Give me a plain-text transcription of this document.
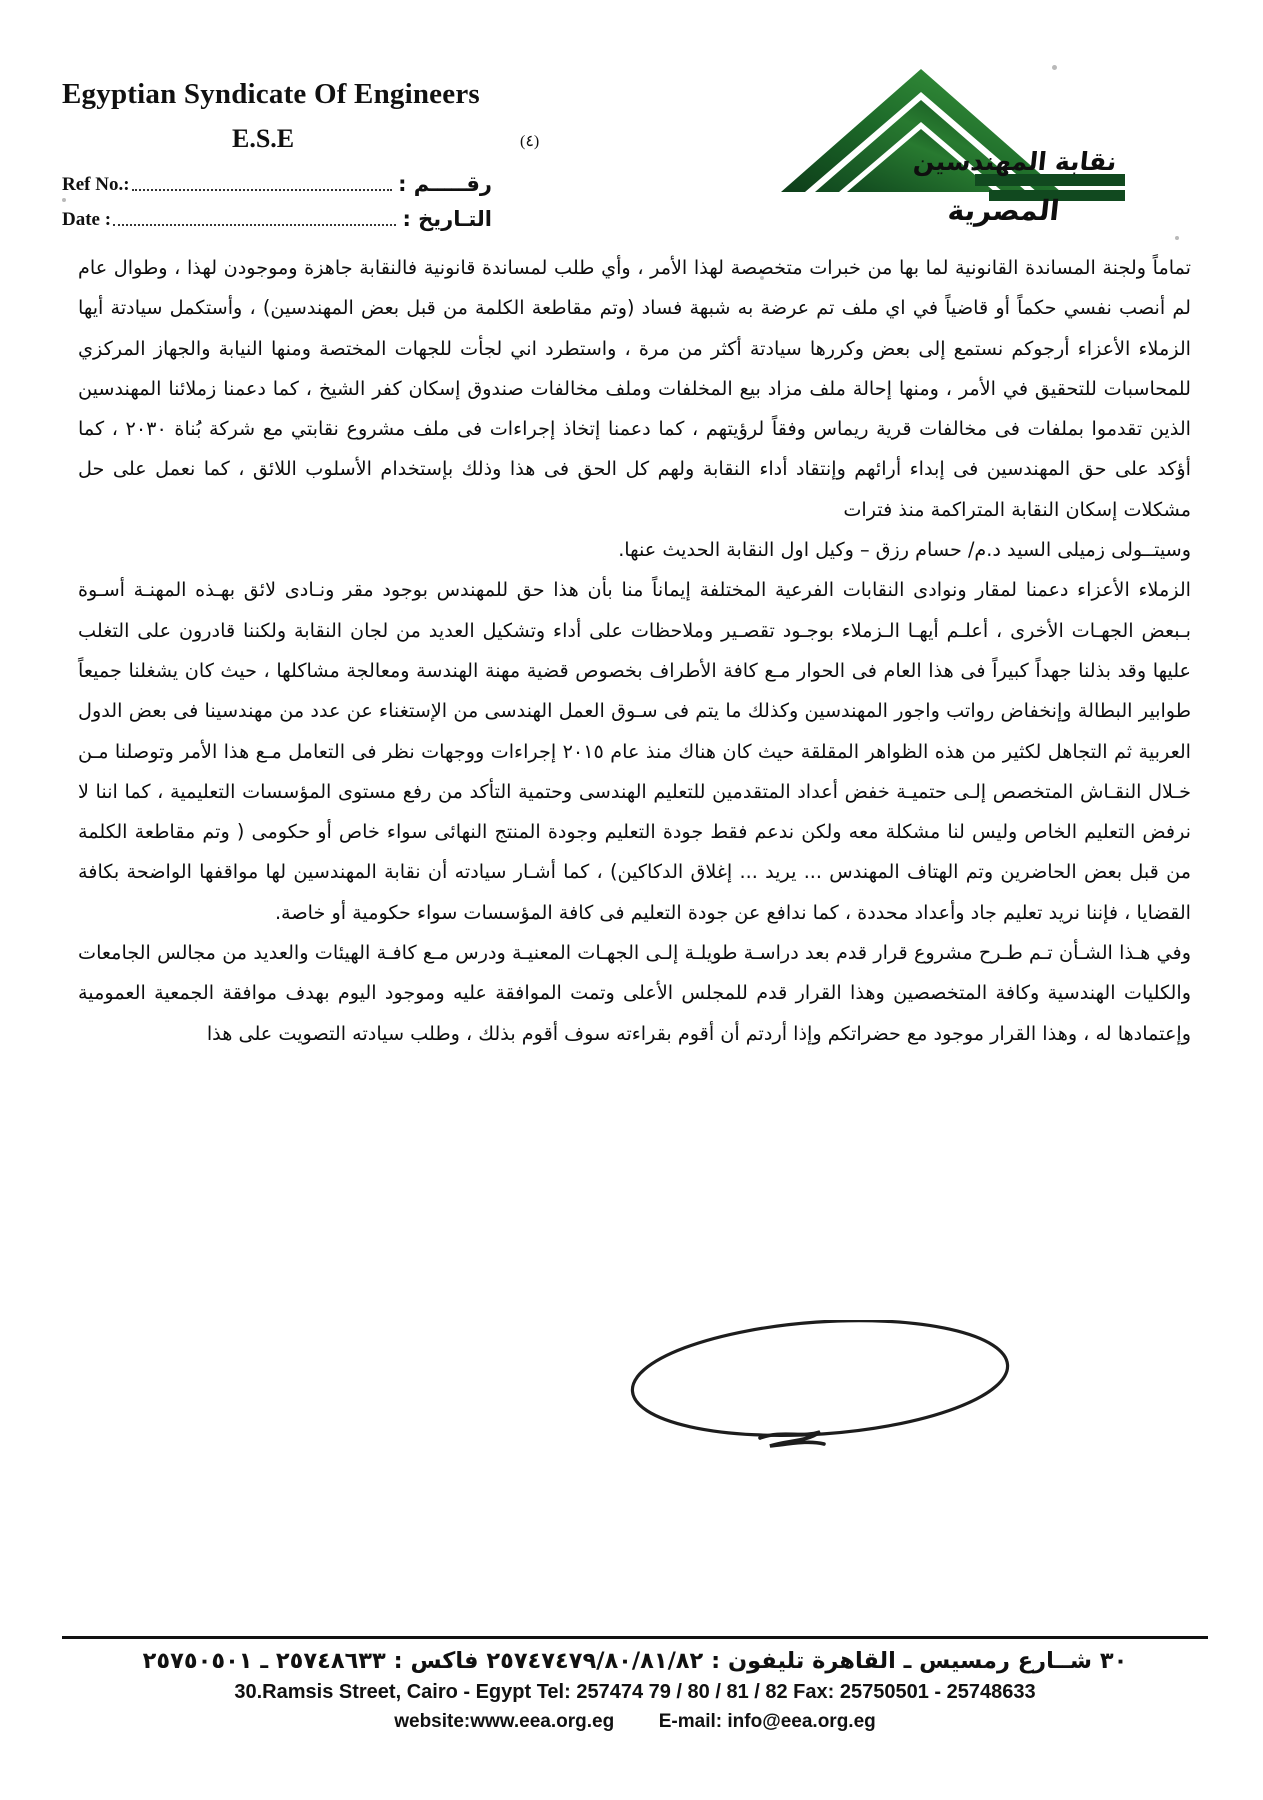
Egyptian Syndicate Of Engineers
E.S.E	(٤)
Ref No.:	رقـــــم :
Date :	التـاريخ :
نقابة المهندسين
المصرية

تماماً ولجنة المساندة القانونية لما بها من خبرات متخصصة لهذا الأمر ، وأي طلب لمساندة قانونية فالنقابة جاهزة وموجودن لهذا ، وطوال عام لم أنصب نفسي حكماً أو قاضياً في اي ملف تم عرضة به شبهة فساد (وتم مقاطعة الكلمة من قبل بعض المهندسين) ، وأستكمل سيادتة أيها الزملاء الأعزاء أرجوكم نستمع إلى بعض وكررها سيادتة أكثر من مرة ، واستطرد اني لجأت للجهات المختصة ومنها النيابة والجهاز المركزي للمحاسبات للتحقيق في الأمر ، ومنها إحالة ملف مزاد بيع المخلفات وملف مخالفات صندوق إسكان كفر الشيخ ، كما دعمنا زملائنا المهندسين الذين تقدموا بملفات فى مخالفات قرية ريماس وفقاً لرؤيتهم ، كما دعمنا إتخاذ إجراءات فى ملف مشروع نقابتي مع شركة بُناة ٢٠٣٠ ، كما أؤكد على حق المهندسين فى إبداء أرائهم وإنتقاد أداء النقابة ولهم كل الحق فى هذا وذلك بإستخدام الأسلوب اللائق ، كما نعمل على حل مشكلات إسكان النقابة المتراكمة منذ فترات

وسيتــولى زميلى السيد د.م/ حسام رزق – وكيل اول النقابة الحديث عنها.

الزملاء الأعزاء دعمنا لمقار ونوادى النقابات الفرعية المختلفة إيماناً منا بأن هذا حق للمهندس بوجود مقر ونـادى لائق بهـذه المهنـة أسـوة بـبعض الجهـات الأخرى ، أعلـم أيهـا الـزملاء بوجـود تقصـير وملاحظات على أداء وتشكيل العديد من لجان النقابة ولكننا قادرون على التغلب عليها وقد بذلنا جهداً كبيراً فى هذا العام فى الحوار مـع كافة الأطراف بخصوص قضية مهنة الهندسة ومعالجة مشاكلها ، حيث كان يشغلنا جميعاً طوابير البطالة وإنخفاض رواتب واجور المهندسين وكذلك ما يتم فى سـوق العمل الهندسى من الإستغناء عن عدد من مهندسينا فى بعض الدول العربية ثم التجاهل لكثير من هذه الظواهر المقلقة حيث كان هناك منذ عام ٢٠١٥ إجراءات ووجهات نظر فى التعامل مـع هذا الأمر وتوصلنا مـن خـلال النقـاش المتخصص إلـى حتميـة خفض أعداد المتقدمين للتعليم الهندسى وحتمية التأكد من رفع مستوى المؤسسات التعليمية ، كما اننا لا نرفض التعليم الخاص وليس لنا مشكلة معه ولكن ندعم فقط جودة التعليم وجودة المنتج النهائى سواء خاص أو حكومى ( وتم مقاطعة الكلمة من قبل بعض الحاضرين وتم الهتاف المهندس ... يريد ... إغلاق الدكاكين) ، كما أشـار سيادته أن نقابة المهندسين لها مواقفها الواضحة بكافة القضايا ، فإننا نريد تعليم جاد وأعداد محددة ، كما ندافع عن جودة التعليم فى كافة المؤسسات سواء حكومية أو خاصة.

وفي هـذا الشـأن تـم طـرح مشروع قرار قدم بعد دراسـة طويلـة إلـى الجهـات المعنيـة ودرس مـع كافـة الهيئات والعديد من مجالس الجامعات والكليات الهندسية وكافة المتخصصين وهذا القرار قدم للمجلس الأعلى وتمت الموافقة عليه وموجود اليوم بهدف موافقة الجمعية العمومية وإعتمادها له ، وهذا القرار موجود مع حضراتكم وإذا أردتم أن أقوم بقراءته سوف أقوم بذلك ، وطلب سيادته التصويت على هذا

٣٠ شــارع رمسيس ـ القاهرة تليفون : ٢٥٧٤٧٤٧٩/٨٠/٨١/٨٢ فاكس : ٢٥٧٤٨٦٣٣ ـ ٢٥٧٥٠٥٠١
30.Ramsis Street, Cairo - Egypt Tel: 257474 79 / 80 / 81 / 82 Fax: 25750501 - 25748633
website:www.eea.org.eg E-mail: info@eea.org.eg
